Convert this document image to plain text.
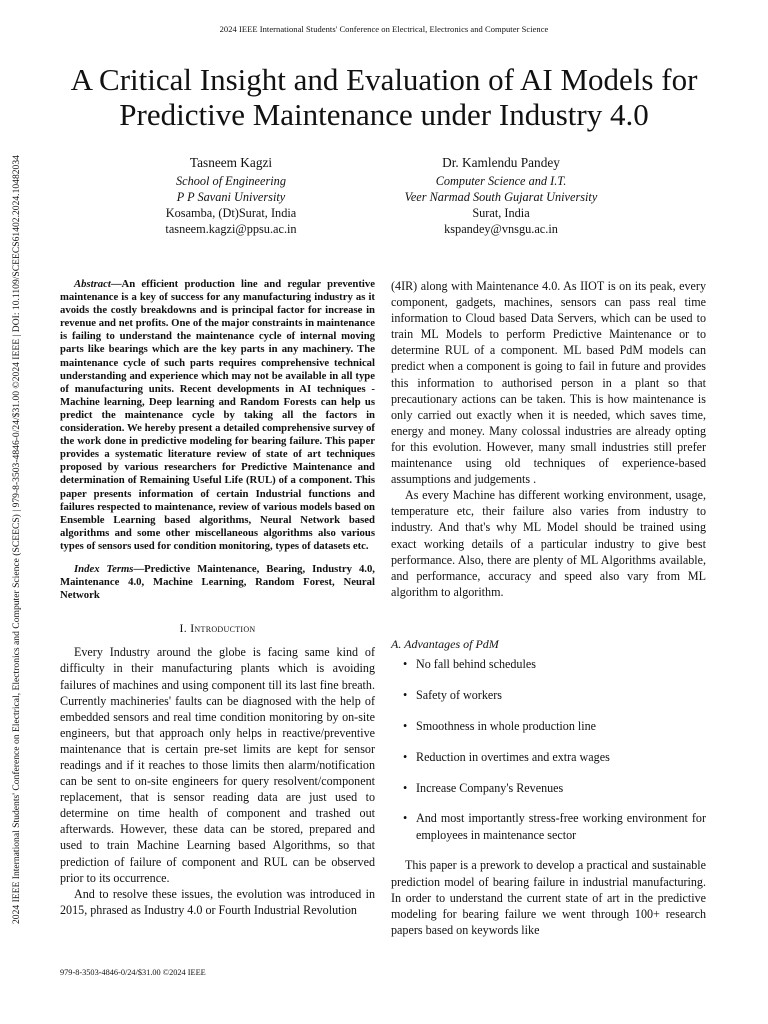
2024 IEEE International Students' Conference on Electrical, Electronics and Computer Science
2024 IEEE International Students' Conference on Electrical, Electronics and Computer Science (SCEECS) | 979-8-3503-4846-0/24/$31.00 ©2024 IEEE | DOI: 10.1109/SCEECS61402.2024.10482034
A Critical Insight and Evaluation of AI Models for Predictive Maintenance under Industry 4.0
Tasneem Kagzi
School of Engineering
P P Savani University
Kosamba, (Dt)Surat, India
tasneem.kagzi@ppsu.ac.in
Dr. Kamlendu Pandey
Computer Science and I.T.
Veer Narmad South Gujarat University
Surat, India
kspandey@vnsgu.ac.in

Abstract—An efficient production line and regular preventive maintenance is a key of success for any manufacturing industry as it avoids the costly breakdowns and is principal factor for increase in revenue and net profits. One of the major constraints in maintenance is failing to understand the maintenance cycle of internal moving parts like bearings which are the key parts in any machinery. The maintenance cycle of such parts requires comprehensive technical understanding and experience which may not be available in all type of manufacturing units. Recent developments in AI techniques - Machine learning, Deep learning and Random Forests can help us predict the maintenance cycle by taking all the factors in consideration. We hereby present a detailed comprehensive survey of the work done in predictive modeling for bearing failure. This paper provides a systematic literature review of state of art techniques proposed by various researchers for Predictive Maintenance and determination of Remaining Useful Life (RUL) of a component. This paper presents information of certain Industrial functions and failures respected to maintenance, review of various models based on Ensemble Learning based algorithms, Neural Network based algorithms and some other miscellaneous algorithms also various types of sensors used for condition monitoring, types of datasets etc.

Index Terms—Predictive Maintenance, Bearing, Industry 4.0, Maintenance 4.0, Machine Learning, Random Forest, Neural Network

I. Introduction

Every Industry around the globe is facing same kind of difficulty in their manufacturing plants which is avoiding failures of machines and using component till its last fine breath. Currently machineries' faults can be diagnosed with the help of embedded sensors and real time condition monitoring by on-site engineers, but that approach only helps in reactive/preventive maintenance that is certain pre-set limits are kept for sensor readings and if it reaches to those limits then alarm/notification can be sent to on-site engineers for query resolvent/component replacement, that is sensor reading data are just used to determine on time health of component and trashed out afterwards. However, these data can be stored, prepared and used to train Machine Learning based Algorithms, so that prediction of failure of component and RUL can be observed prior to its occurrence.

And to resolve these issues, the evolution was introduced in 2015, phrased as Industry 4.0 or Fourth Industrial Revolution

(4IR) along with Maintenance 4.0. As IIOT is on its peak, every component, gadgets, machines, sensors can pass real time information to Cloud based Data Servers, which can be used to train ML Models to perform Predictive Maintenance or to determine RUL of a component. ML based PdM models can predict when a component is going to fail in future and provides this information to authorised person in a plant so that precautionary actions can be taken. This is how maintenance is only carried out exactly when it is needed, which saves time, energy and money. Many colossal industries are already opting for this evolution. However, many small industries still prefer maintenance using old techniques of experience-based assumptions and judgements .

As every Machine has different working environment, usage, temperature etc, their failure also varies from industry to industry. And that's why ML Model should be trained using exact working details of a particular industry to give best performance. Also, there are plenty of ML Algorithms available, and performance, accuracy and speed also vary from ML algorithm to algorithm.

A. Advantages of PdM
• No fall behind schedules
• Safety of workers
• Smoothness in whole production line
• Reduction in overtimes and extra wages
• Increase Company's Revenues
• And most importantly stress-free working environment for employees in maintenance sector

This paper is a prework to develop a practical and sustainable prediction model of bearing failure in industrial manufacturing. In order to understand the current state of art in the predictive modeling for bearing failure we went through 100+ research papers based on keywords like

979-8-3503-4846-0/24/$31.00 ©2024 IEEE
